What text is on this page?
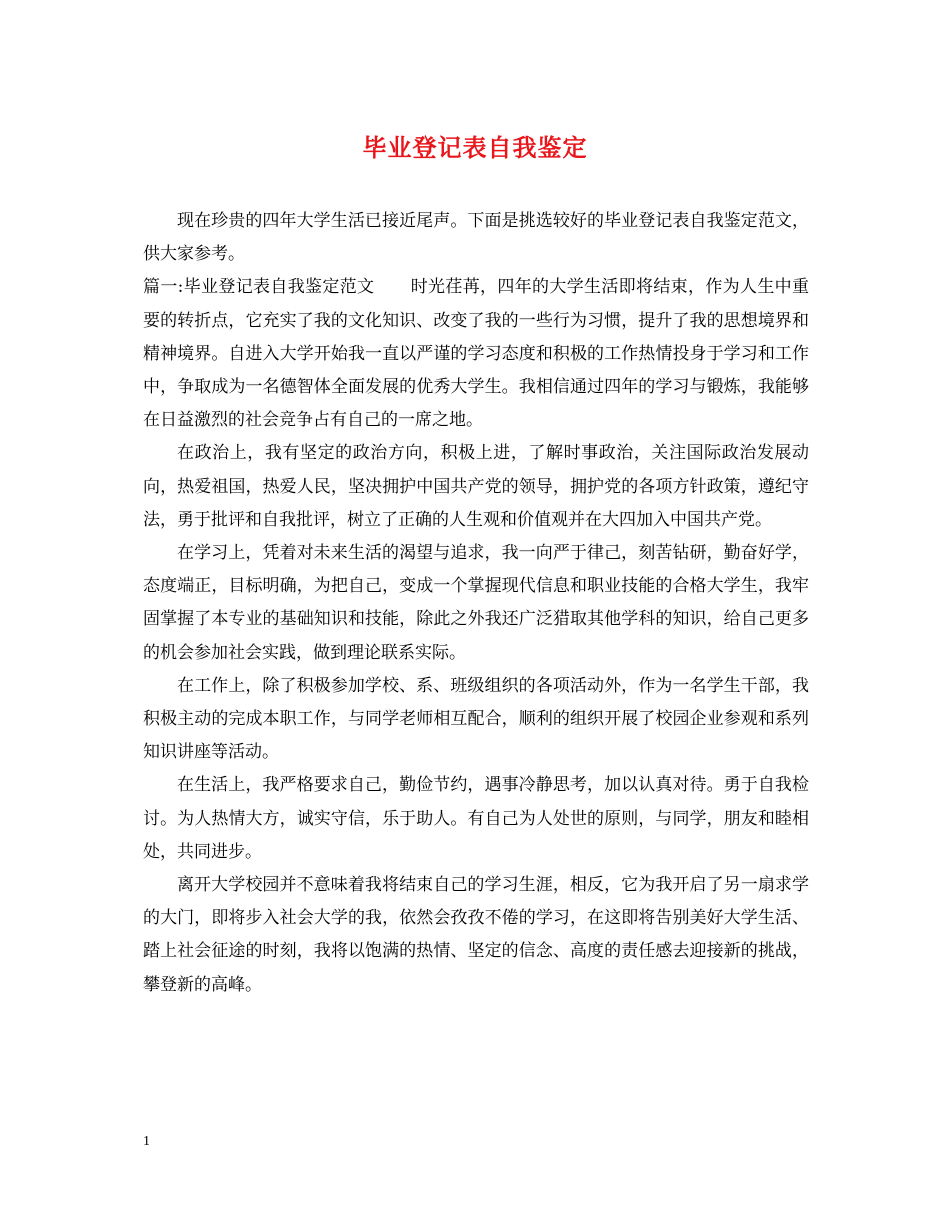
毕业登记表自我鉴定

现在珍贵的四年大学生活已接近尾声。下面是挑选较好的毕业登记表自我鉴定范文，供大家参考。

篇一:毕业登记表自我鉴定范文 时光荏苒，四年的大学生活即将结束，作为人生中重要的转折点，它充实了我的文化知识、改变了我的一些行为习惯，提升了我的思想境界和精神境界。自进入大学开始我一直以严谨的学习态度和积极的工作热情投身于学习和工作中，争取成为一名德智体全面发展的优秀大学生。我相信通过四年的学习与锻炼，我能够在日益激烈的社会竞争占有自己的一席之地。

在政治上，我有坚定的政治方向，积极上进，了解时事政治，关注国际政治发展动向，热爱祖国，热爱人民，坚决拥护中国共产党的领导，拥护党的各项方针政策，遵纪守法，勇于批评和自我批评，树立了正确的人生观和价值观并在大四加入中国共产党。

在学习上，凭着对未来生活的渴望与追求，我一向严于律己，刻苦钻研，勤奋好学，态度端正，目标明确，为把自己，变成一个掌握现代信息和职业技能的合格大学生，我牢固掌握了本专业的基础知识和技能，除此之外我还广泛猎取其他学科的知识，给自己更多的机会参加社会实践，做到理论联系实际。

在工作上，除了积极参加学校、系、班级组织的各项活动外，作为一名学生干部，我积极主动的完成本职工作，与同学老师相互配合，顺利的组织开展了校园企业参观和系列知识讲座等活动。

在生活上，我严格要求自己，勤俭节约，遇事冷静思考，加以认真对待。勇于自我检讨。为人热情大方，诚实守信，乐于助人。有自己为人处世的原则，与同学，朋友和睦相处，共同进步。

离开大学校园并不意味着我将结束自己的学习生涯，相反，它为我开启了另一扇求学的大门，即将步入社会大学的我，依然会孜孜不倦的学习，在这即将告别美好大学生活、踏上社会征途的时刻，我将以饱满的热情、坚定的信念、高度的责任感去迎接新的挑战，攀登新的高峰。

1
